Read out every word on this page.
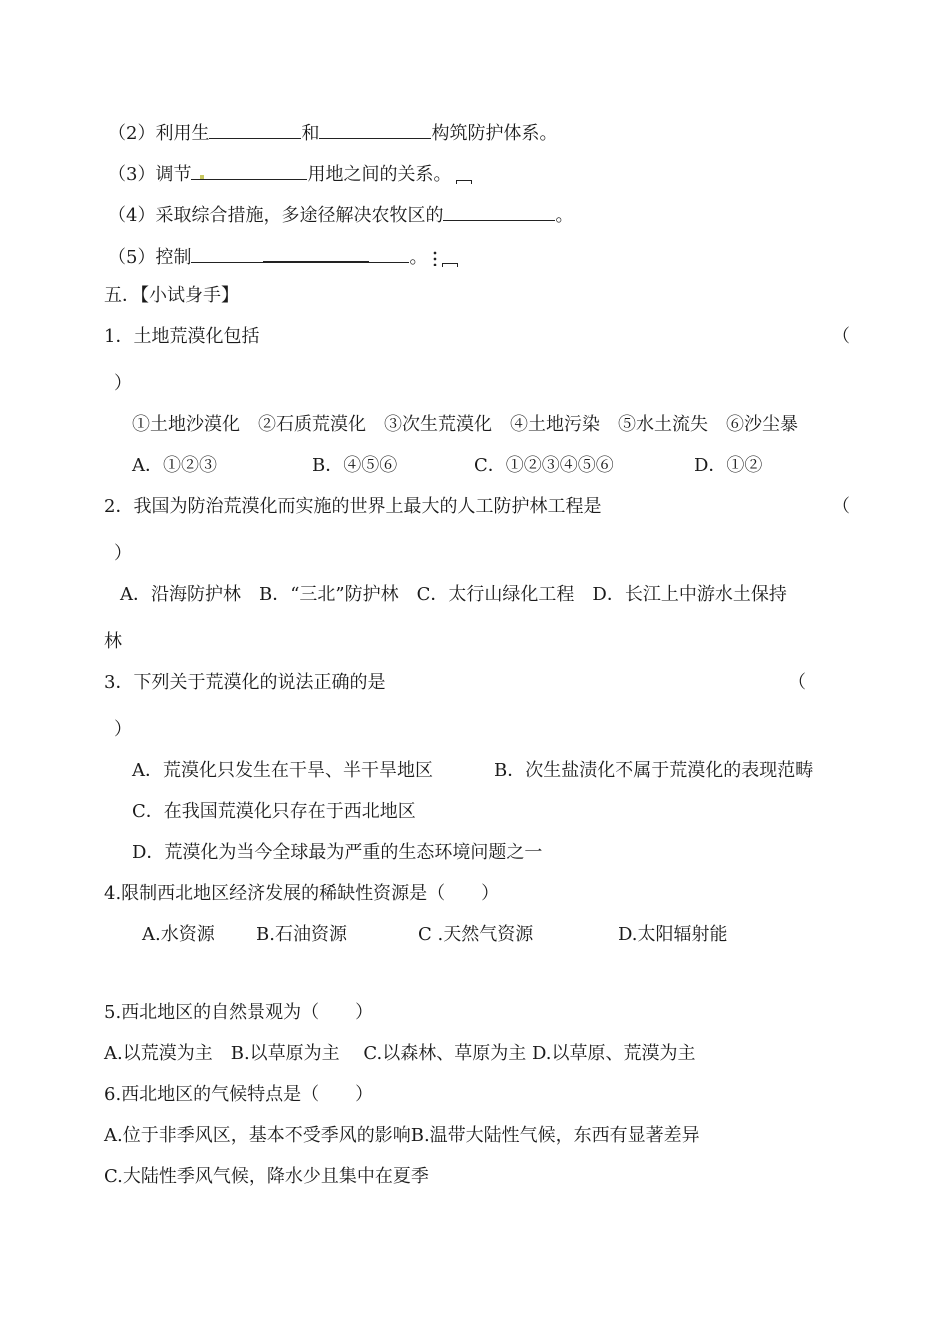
（2）利用生	和	构筑防护体系。
（3）调节	用地之间的关系。
（4）采取综合措施，多途径解决农牧区的	。
（5）控制	。
五．【小试身手】
1．土地荒漠化包括	（
）
①土地沙漠化　②石质荒漠化　③次生荒漠化　④土地污染　⑤水土流失　⑥沙尘暴
A．①②③	B．④⑤⑥	C．①②③④⑤⑥	D．①②
2．我国为防治荒漠化而实施的世界上最大的人工防护林工程是	（
）
A．沿海防护林　B．“三北”防护林　C．太行山绿化工程　D．长江上中游水土保持
林
3．下列关于荒漠化的说法正确的是	（
）
A．荒漠化只发生在干旱、半干旱地区	B．次生盐渍化不属于荒漠化的表现范畴
C．在我国荒漠化只存在于西北地区
D．荒漠化为当今全球最为严重的生态环境问题之一
4.限制西北地区经济发展的稀缺性资源是（　　）
A.水资源 B.石油资源	C .天然气资源	D.太阳辐射能
5.西北地区的自然景观为（　　）
A.以荒漠为主　B.以草原为主　 C.以森林、草原为主 D.以草原、荒漠为主
6.西北地区的气候特点是（　　）
A.位于非季风区，基本不受季风的影响B.温带大陆性气候，东西有显著差异
C.大陆性季风气候，降水少且集中在夏季
